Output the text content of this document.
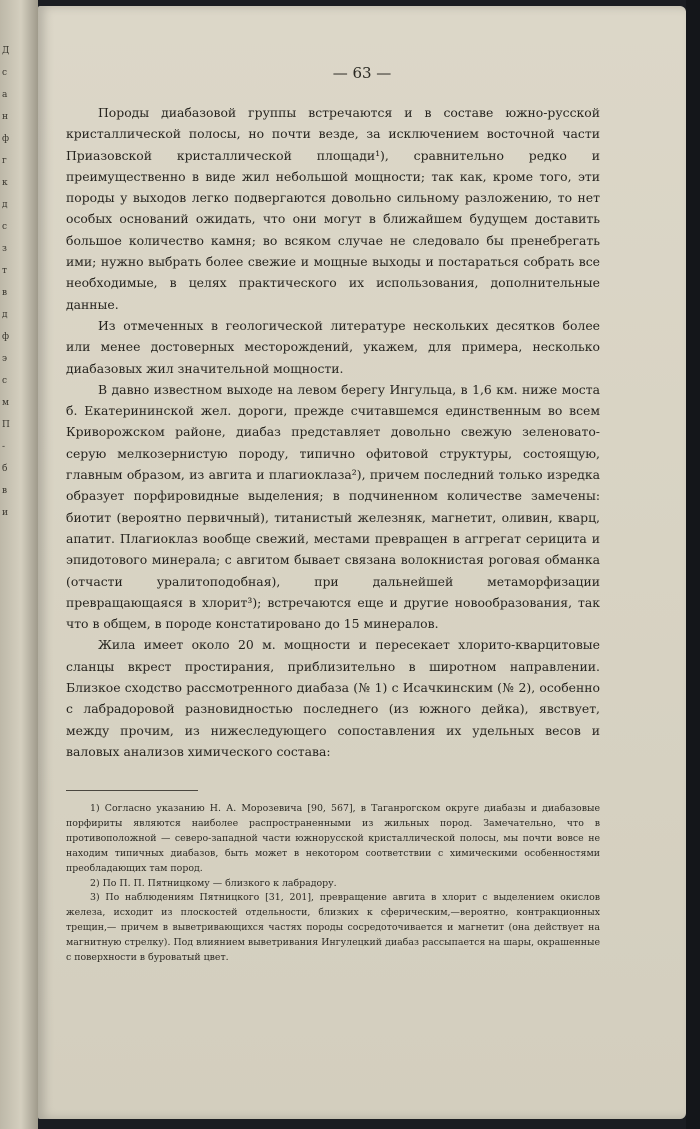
Д
с
а
н
ф
г
к
д
с
з
т
в
д
ф
э
с
м
П
-
б
в
и
— 63 —

Породы диабазовой группы встречаются и в составе южно-русской кристаллической полосы, но почти везде, за исключением восточной части Приазовской кристаллической площади¹), сравнительно редко и преимущественно в виде жил небольшой мощности; так как, кроме того, эти породы у выходов легко подвергаются довольно сильному разложению, то нет особых оснований ожидать, что они могут в ближайшем будущем доставить большое количество камня; во всяком случае не следовало бы пренебрегать ими; нужно выбрать более свежие и мощные выходы и постараться собрать все необходимые, в целях практического их использования, дополнительные данные.

Из отмеченных в геологической литературе нескольких десятков более или менее достоверных месторождений, укажем, для примера, несколько диабазовых жил значительной мощности.

В давно известном выходе на левом берегу Ингульца, в 1,6 км. ниже моста б. Екатерининской жел. дороги, прежде считавшемся единственным во всем Криворожском районе, диабаз представляет довольно свежую зеленовато-серую мелкозернистую породу, типично офитовой структуры, состоящую, главным образом, из авгита и плагиоклаза²), причем последний только изредка образует порфировидные выделения; в подчиненном количестве замечены: биотит (вероятно первичный), титанистый железняк, магнетит, оливин, кварц, апатит. Плагиоклаз вообще свежий, местами превращен в аггрегат серицита и эпидотового минерала; с авгитом бывает связана волокнистая роговая обманка (отчасти уралитоподобная), при дальнейшей метаморфизации превращающаяся в хлорит³); встречаются еще и другие новообразования, так что в общем, в породе констатировано до 15 минералов.

Жила имеет около 20 м. мощности и пересекает хлорито-кварцитовые сланцы вкрест простирания, приблизительно в широтном направлении. Близкое сходство рассмотренного диабаза (№ 1) с Исачкинским (№ 2), особенно с лабрадоровой разновидностью последнего (из южного дейка), явствует, между прочим, из нижеследующего сопоставления их удельных весов и валовых анализов химического состава:

1) Согласно указанию Н. А. Морозевича [90, 567], в Таганрогском округе диабазы и диабазовые порфириты являются наиболее распространенными из жильных пород. Замечательно, что в противоположной — северо-западной части южнорусской кристаллической полосы, мы почти вовсе не находим типичных диабазов, быть может в некотором соответствии с химическими особенностями преобладающих там пород.

2) По П. П. Пятницкому — близкого к лабрадору.

3) По наблюдениям Пятницкого [31, 201], превращение авгита в хлорит с выделением окислов железа, исходит из плоскостей отдельности, близких к сферическим,—вероятно, контракционных трещин,— причем в выветривающихся частях породы сосредоточивается и магнетит (она действует на магнитную стрелку). Под влиянием выветривания Ингулецкий диабаз рассыпается на шары, окрашенные с поверхности в буроватый цвет.
